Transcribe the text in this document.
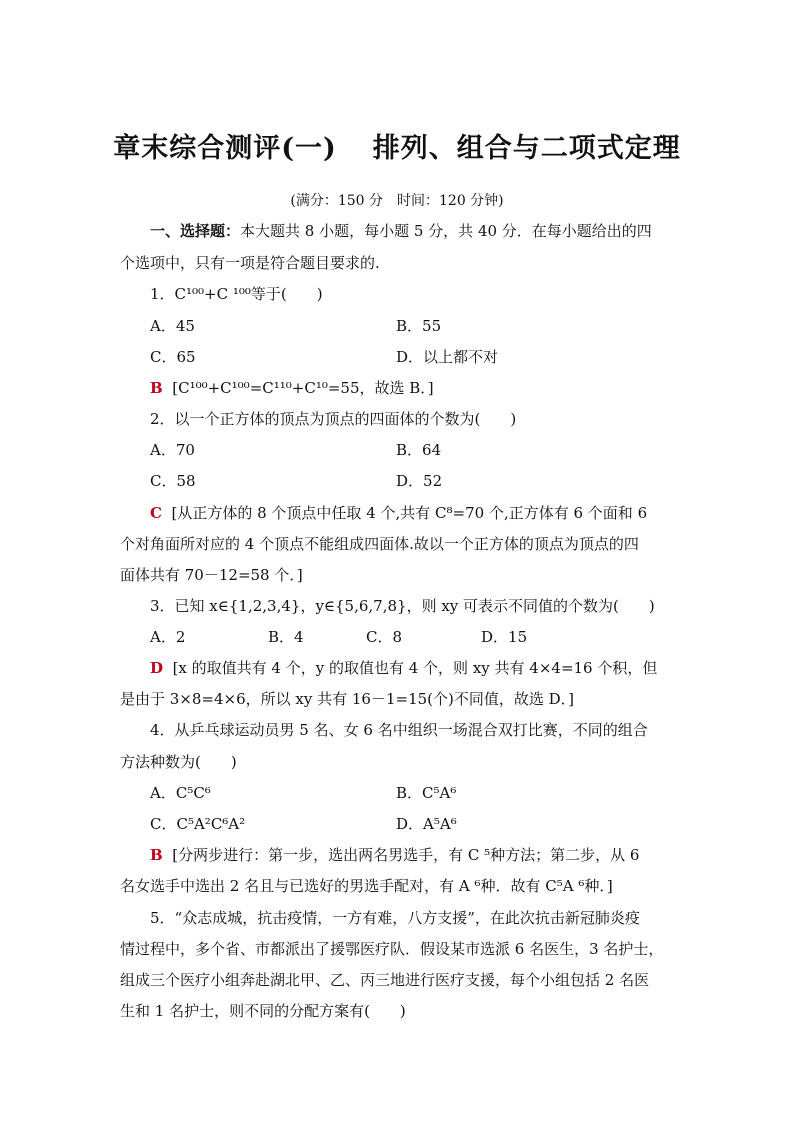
章末综合测评(一) 排列、组合与二项式定理
(满分：150 分 时间：120 分钟)
一、选择题：本大题共 8 小题，每小题 5 分，共 40 分．在每小题给出的四
个选项中，只有一项是符合题目要求的.
1．C¹⁰⁰+C ¹⁰⁰等于(　　)
A．45	B．55
C．65	D．以上都不对
B [C¹⁰⁰+C¹⁰⁰=C¹¹⁰+C¹⁰=55，故选 B．]
2．以一个正方体的顶点为顶点的四面体的个数为(　　)
A．70	B．64
C．58	D．52
C [从正方体的 8 个顶点中任取 4 个,共有 C⁸=70 个,正方体有 6 个面和 6
个对角面所对应的 4 个顶点不能组成四面体.故以一个正方体的顶点为顶点的四
面体共有 70－12=58 个．]
3．已知 x∈{1,2,3,4}，y∈{5,6,7,8}，则 xy 可表示不同值的个数为(　　)
A．2	B．4	C．8	D．15
D [x 的取值共有 4 个，y 的取值也有 4 个，则 xy 共有 4×4=16 个积，但
是由于 3×8=4×6，所以 xy 共有 16－1=15(个)不同值，故选 D．]
4．从乒乓球运动员男 5 名、女 6 名中组织一场混合双打比赛，不同的组合
方法种数为(　　)
A．C⁵C⁶	B．C⁵A⁶
C．C⁵A²C⁶A²	D．A⁵A⁶
B [分两步进行：第一步，选出两名男选手，有 C ⁵种方法；第二步，从 6
名女选手中选出 2 名且与已选好的男选手配对，有 A ⁶种．故有 C⁵A ⁶种．]
5．“众志成城，抗击疫情，一方有难，八方支援”，在此次抗击新冠肺炎疫
情过程中，多个省、市都派出了援鄂医疗队．假设某市选派 6 名医生，3 名护士，
组成三个医疗小组奔赴湖北甲、乙、丙三地进行医疗支援，每个小组包括 2 名医
生和 1 名护士，则不同的分配方案有(　　)
